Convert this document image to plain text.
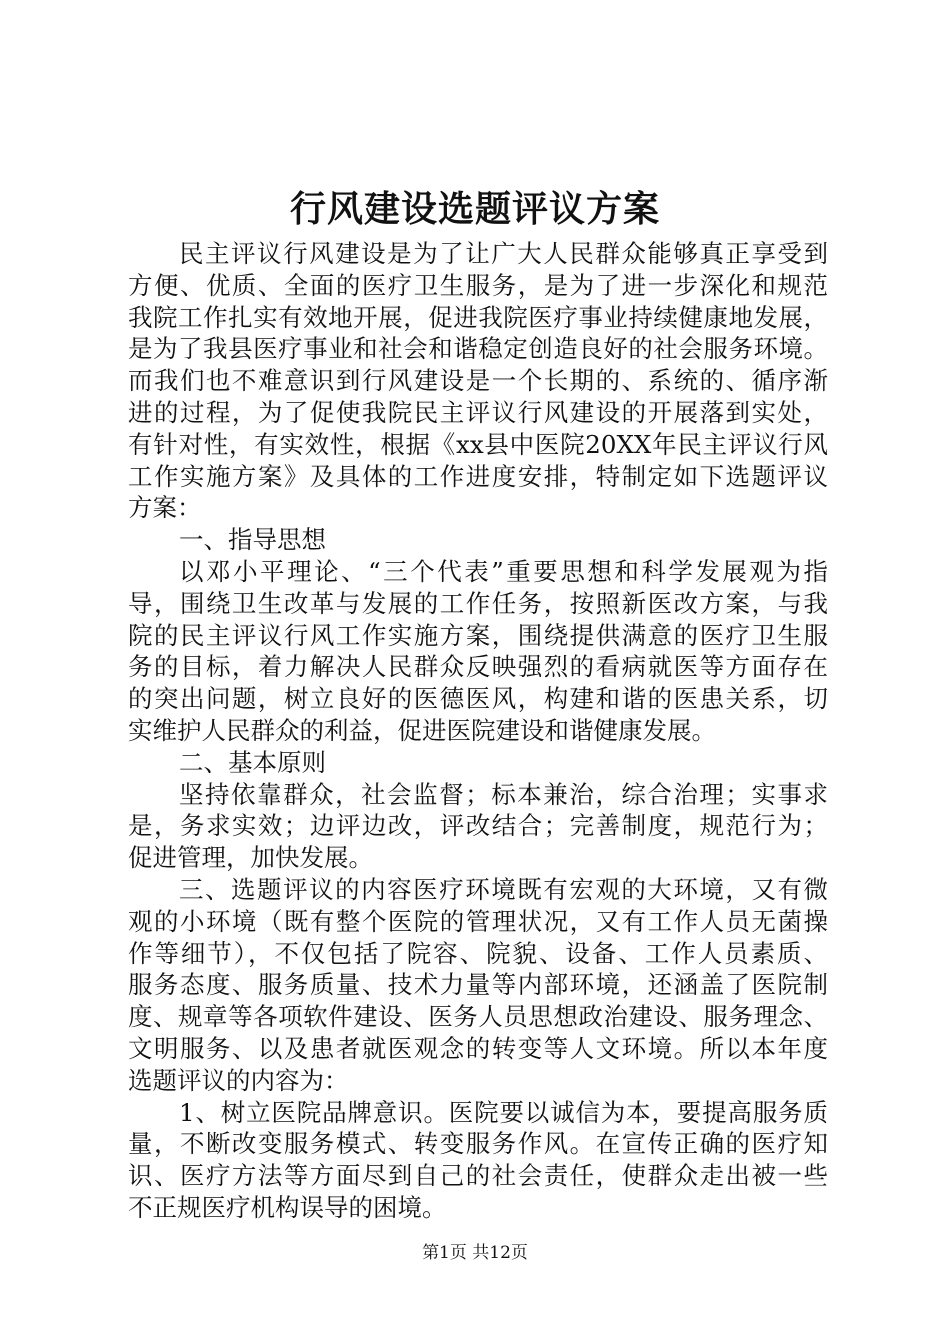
行风建设选题评议方案
民主评议行风建设是为了让广大人民群众能够真正享受到
方便、优质、全面的医疗卫生服务，是为了进一步深化和规范
我院工作扎实有效地开展，促进我院医疗事业持续健康地发展，
是为了我县医疗事业和社会和谐稳定创造良好的社会服务环境。
而我们也不难意识到行风建设是一个长期的、系统的、循序渐
进的过程，为了促使我院民主评议行风建设的开展落到实处，
有针对性，有实效性，根据《xx县中医院20XX年民主评议行风
工作实施方案》及具体的工作进度安排，特制定如下选题评议
方案：
一、指导思想
以邓小平理论、“三个代表”重要思想和科学发展观为指
导，围绕卫生改革与发展的工作任务，按照新医改方案，与我
院的民主评议行风工作实施方案，围绕提供满意的医疗卫生服
务的目标，着力解决人民群众反映强烈的看病就医等方面存在
的突出问题，树立良好的医德医风，构建和谐的医患关系，切
实维护人民群众的利益，促进医院建设和谐健康发展。
二、基本原则
坚持依靠群众，社会监督；标本兼治，综合治理；实事求
是，务求实效；边评边改，评改结合；完善制度，规范行为；
促进管理，加快发展。
三、选题评议的内容医疗环境既有宏观的大环境，又有微
观的小环境（既有整个医院的管理状况，又有工作人员无菌操
作等细节），不仅包括了院容、院貌、设备、工作人员素质、
服务态度、服务质量、技术力量等内部环境，还涵盖了医院制
度、规章等各项软件建设、医务人员思想政治建设、服务理念、
文明服务、以及患者就医观念的转变等人文环境。所以本年度
选题评议的内容为：
1、树立医院品牌意识。医院要以诚信为本，要提高服务质
量，不断改变服务模式、转变服务作风。在宣传正确的医疗知
识、医疗方法等方面尽到自己的社会责任，使群众走出被一些
不正规医疗机构误导的困境。
第1页 共12页
